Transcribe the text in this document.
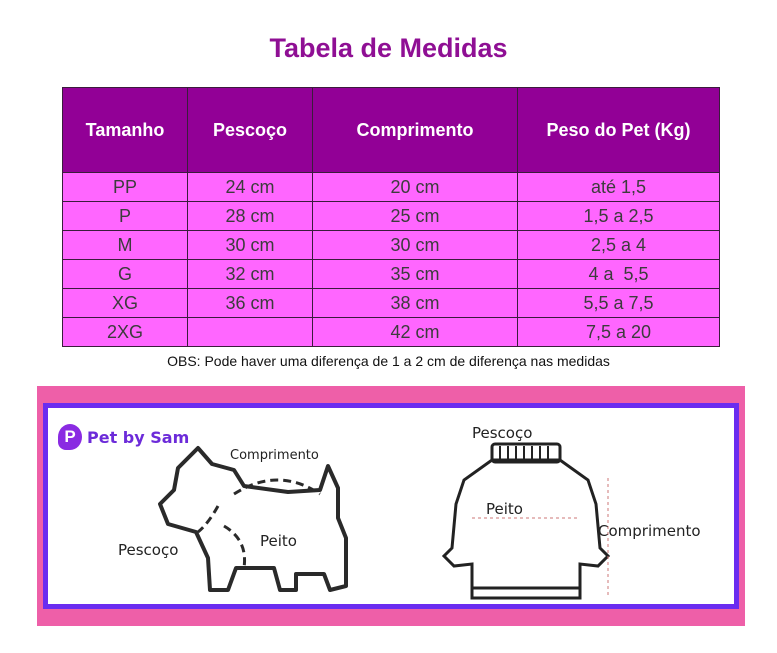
Tabela de Medidas
Tamanho	Pescoço	Comprimento	Peso do Pet (Kg)
PP	24 cm	20 cm	até 1,5
P	28 cm	25 cm	1,5 a 2,5
M	30 cm	30 cm	2,5 a 4
G	32 cm	35 cm	4 a  5,5
XG	36 cm	38 cm	5,5 a 7,5
2XG		42 cm	7,5 a 20
OBS: Pode haver uma diferença de 1 a 2 cm de diferença nas medidas
P Pet by Sam
Comprimento
Pescoço	Peito
Pescoço
Peito
Comprimento
